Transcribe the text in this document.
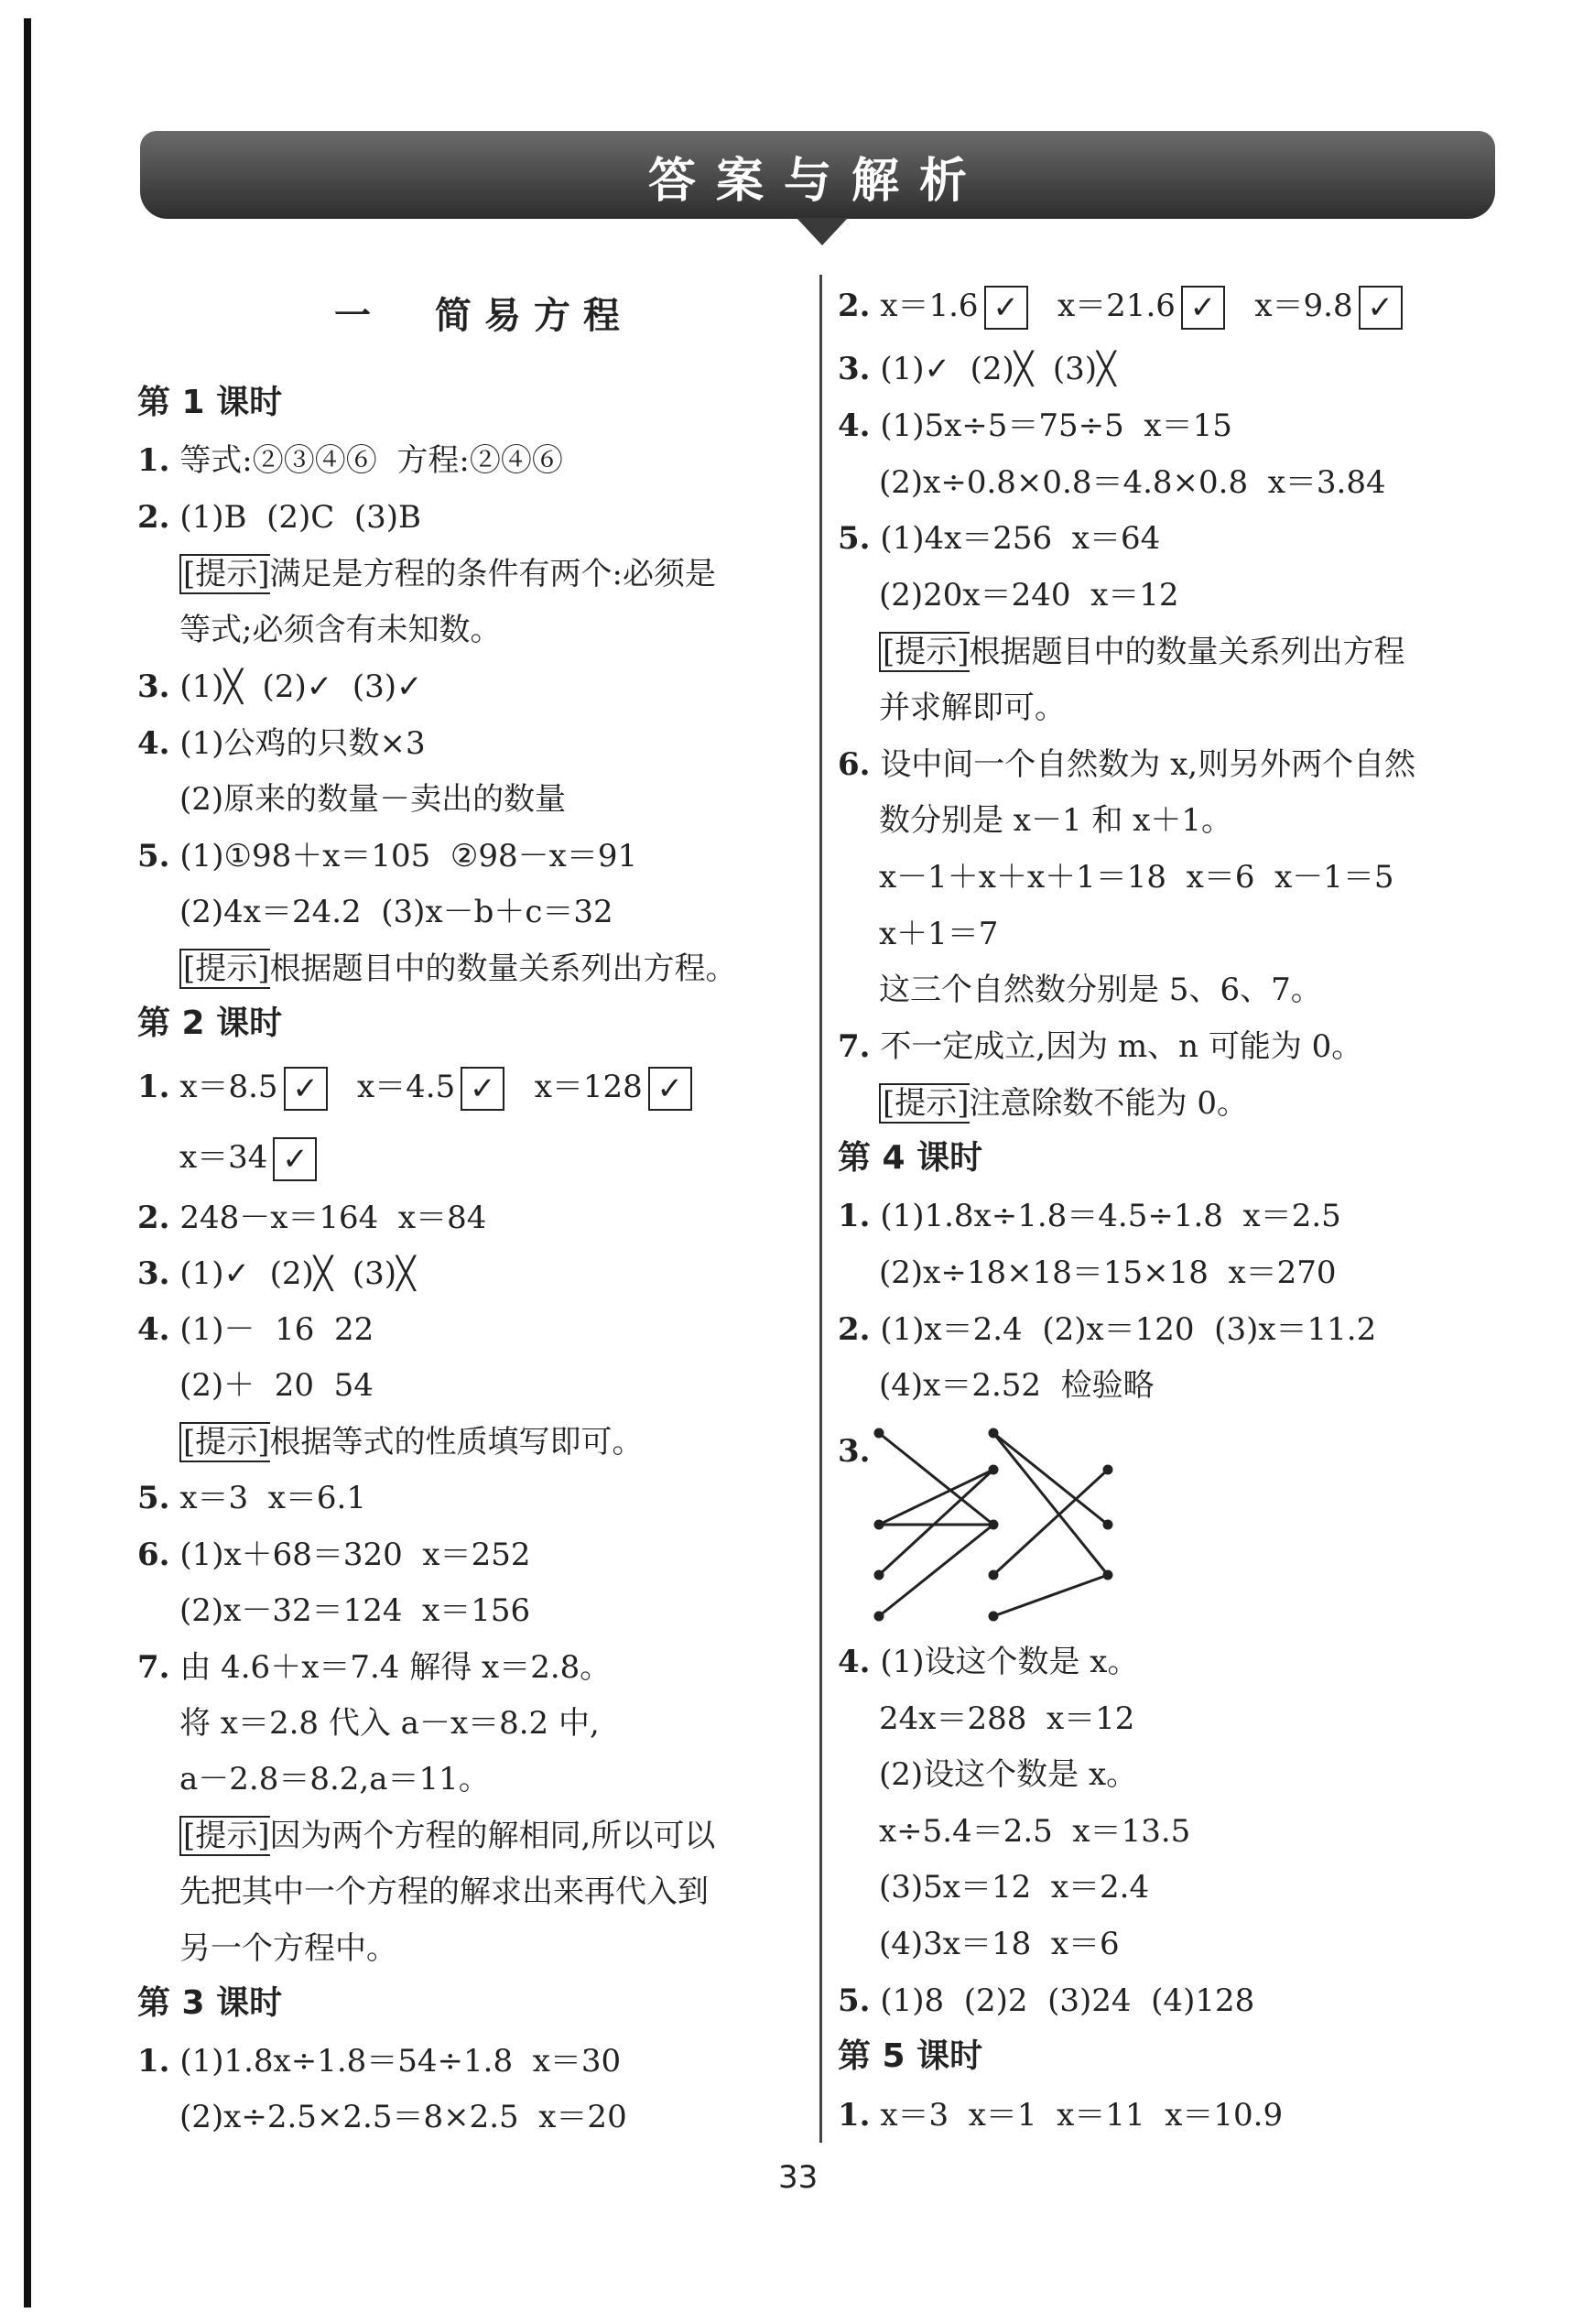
答案与解析
一  简易方程
第 1 课时
1. 等式:②③④⑥  方程:②④⑥
2. (1)B  (2)C  (3)B
[提示]满足是方程的条件有两个:必须是
等式;必须含有未知数。
3. (1)╳  (2)✓  (3)✓
4. (1)公鸡的只数×3
(2)原来的数量－卖出的数量
5. (1)①98＋x＝105  ②98－x＝91
(2)4x＝24.2  (3)x－b＋c＝32
[提示]根据题目中的数量关系列出方程。
第 2 课时
1. x＝8.5 ✓ x＝4.5 ✓ x＝128 ✓
x＝34 ✓
2. 248－x＝164  x＝84
3. (1)✓  (2)╳  (3)╳
4. (1)－  16  22
(2)＋  20  54
[提示]根据等式的性质填写即可。
5. x＝3  x＝6.1
6. (1)x＋68＝320  x＝252
(2)x－32＝124  x＝156
7. 由 4.6＋x＝7.4 解得 x＝2.8。
将 x＝2.8 代入 a－x＝8.2 中,
a－2.8＝8.2,a＝11。
[提示]因为两个方程的解相同,所以可以
先把其中一个方程的解求出来再代入到
另一个方程中。
第 3 课时
1. (1)1.8x÷1.8＝54÷1.8  x＝30
(2)x÷2.5×2.5＝8×2.5  x＝20
2. x＝1.6 ✓ x＝21.6 ✓ x＝9.8 ✓
3. (1)✓  (2)╳  (3)╳
4. (1)5x÷5＝75÷5  x＝15
(2)x÷0.8×0.8＝4.8×0.8  x＝3.84
5. (1)4x＝256  x＝64
(2)20x＝240  x＝12
[提示]根据题目中的数量关系列出方程
并求解即可。
6. 设中间一个自然数为 x,则另外两个自然
数分别是 x－1 和 x＋1。
x－1＋x＋x＋1＝18  x＝6  x－1＝5
x＋1＝7
这三个自然数分别是 5、6、7。
7. 不一定成立,因为 m、n 可能为 0。
[提示]注意除数不能为 0。
第 4 课时
1. (1)1.8x÷1.8＝4.5÷1.8  x＝2.5
(2)x÷18×18＝15×18  x＝270
2. (1)x＝2.4  (2)x＝120  (3)x＝11.2
(4)x＝2.52  检验略
3.
4. (1)设这个数是 x。
24x＝288  x＝12
(2)设这个数是 x。
x÷5.4＝2.5  x＝13.5
(3)5x＝12  x＝2.4
(4)3x＝18  x＝6
5. (1)8  (2)2  (3)24  (4)128
第 5 课时
1. x＝3  x＝1  x＝11  x＝10.9
33
